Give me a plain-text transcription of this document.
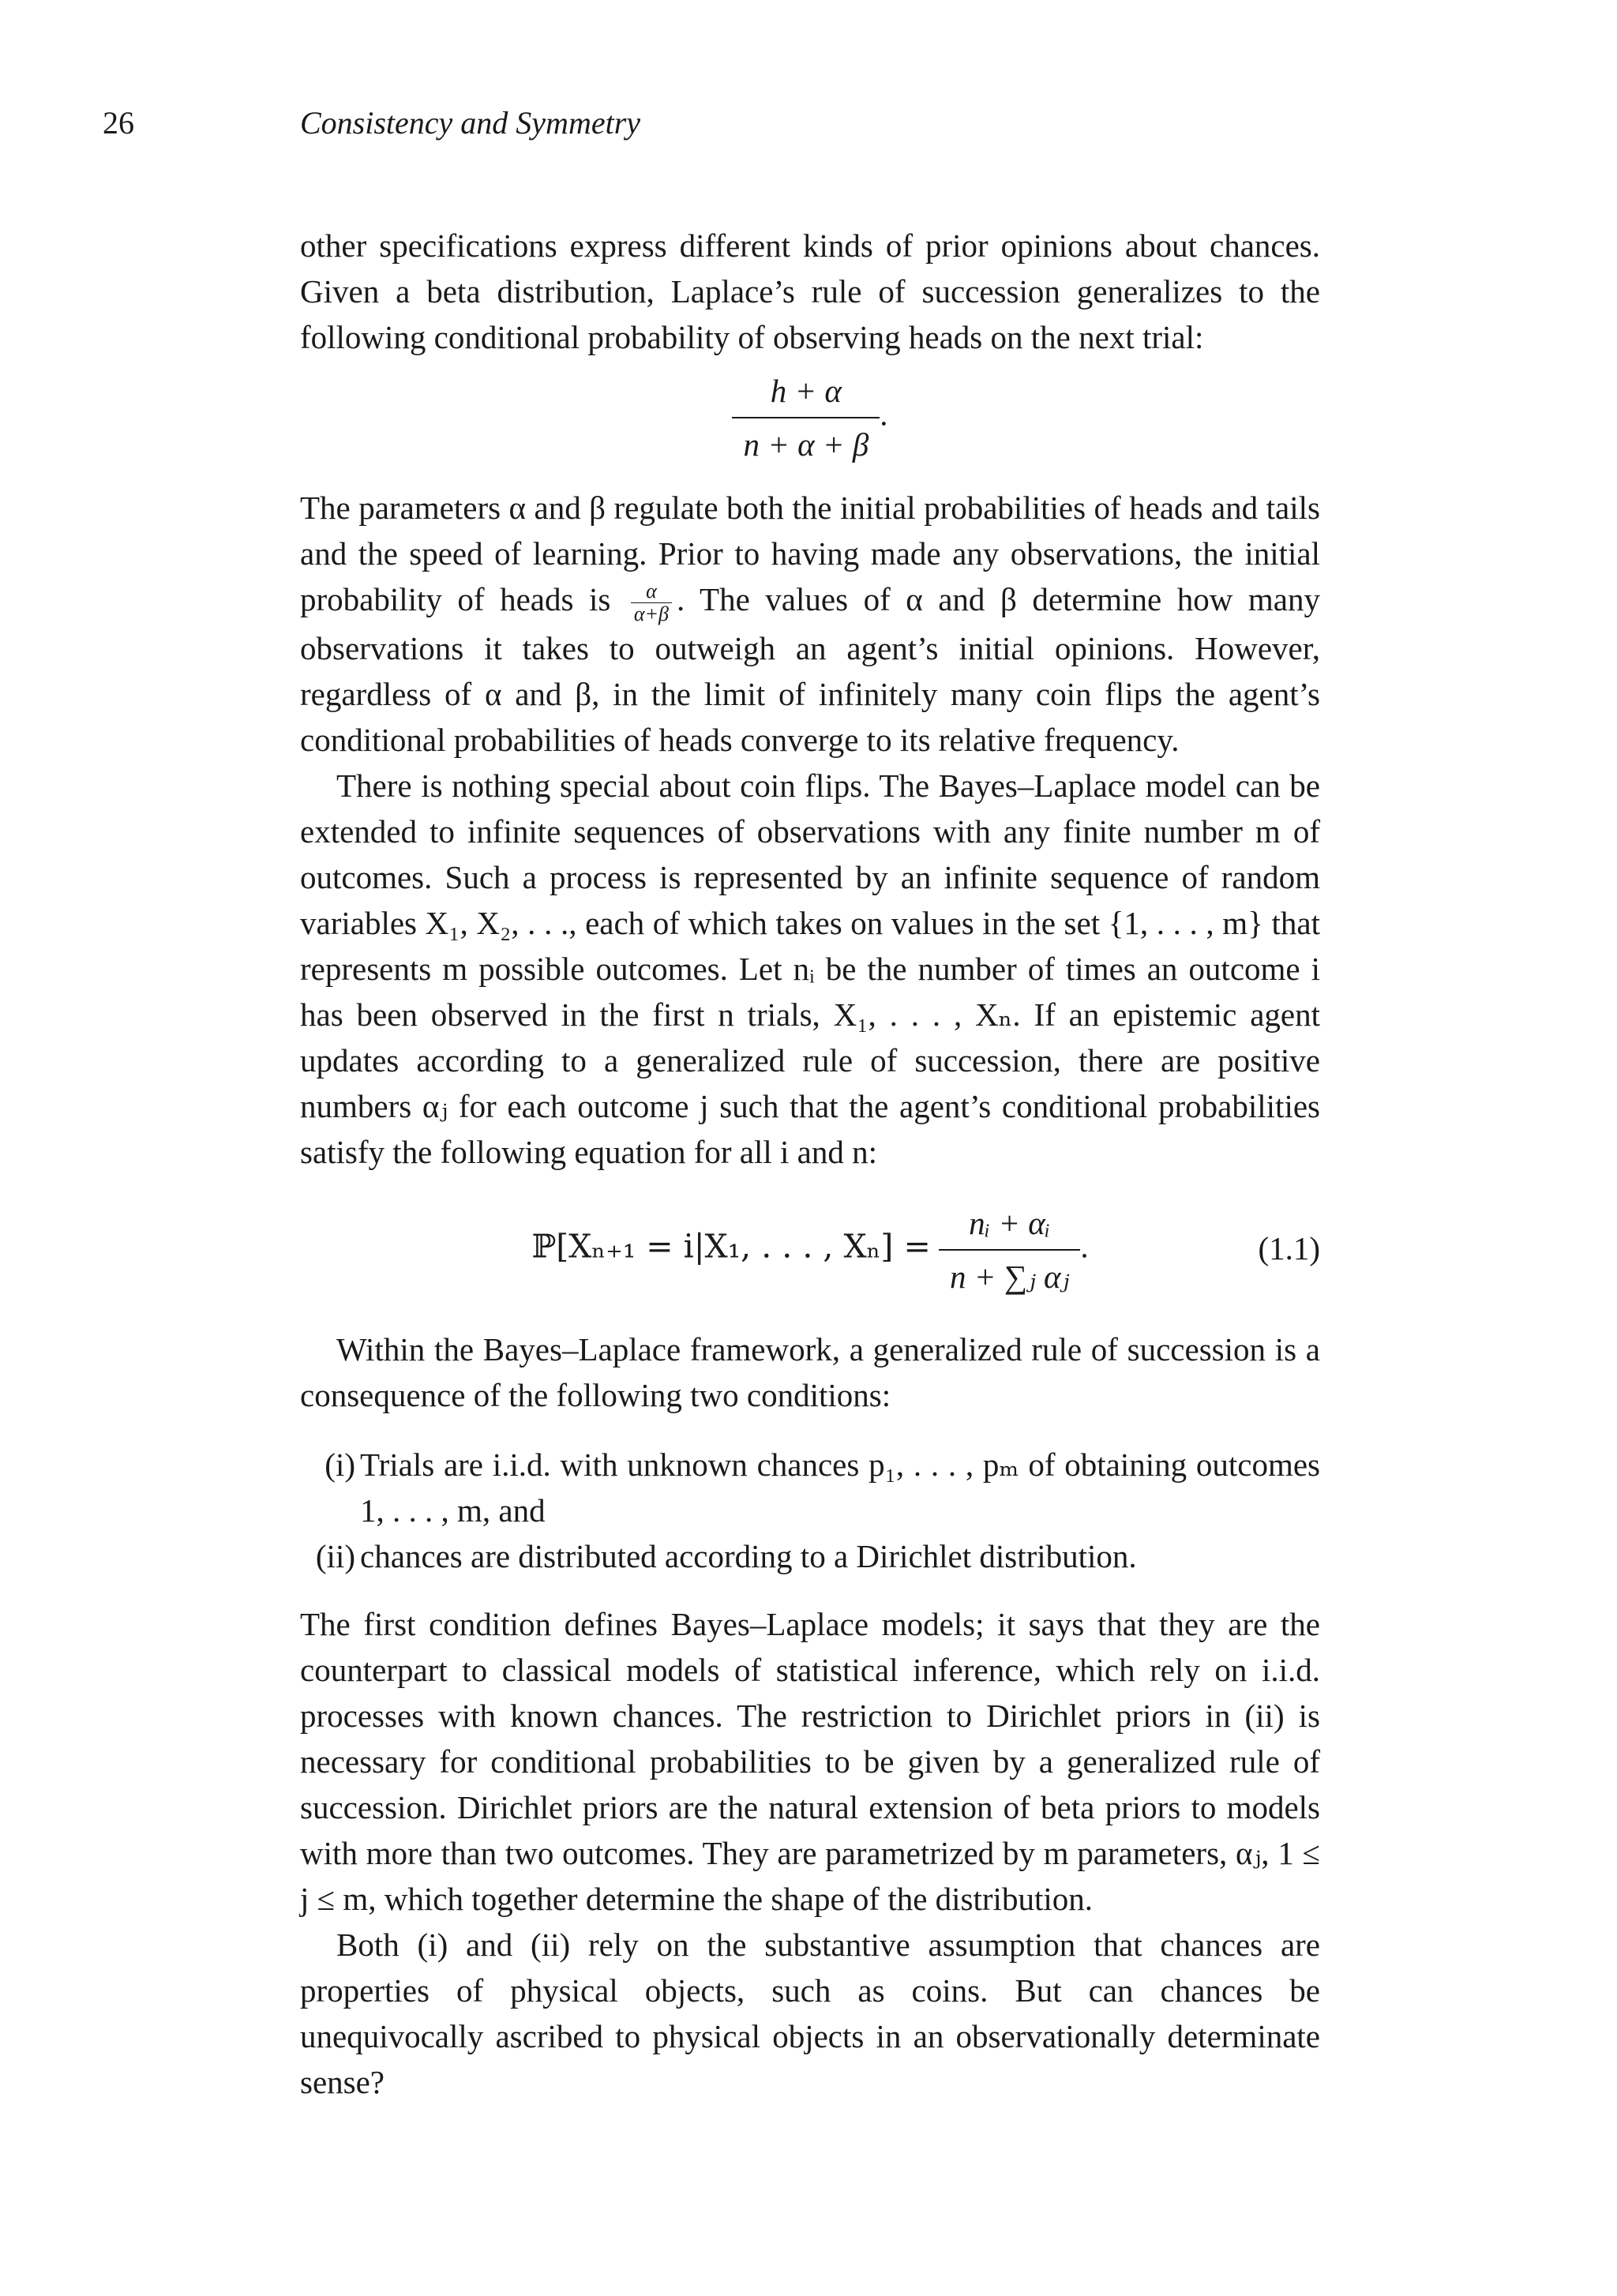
26	Consistency and Symmetry

other specifications express different kinds of prior opinions about chances. Given a beta distribution, Laplace’s rule of succession generalizes to the following conditional probability of observing heads on the next trial:

$\frac{h + \alpha}{n + \alpha + \beta}$ .

The parameters α and β regulate both the initial probabilities of heads and tails and the speed of learning. Prior to having made any observations, the initial probability of heads is $\frac{\alpha}{\alpha+\beta}$ . The values of α and β determine how many observations it takes to outweigh an agent’s initial opinions. However, regardless of α and β, in the limit of infinitely many coin flips the agent’s conditional probabilities of heads converge to its relative frequency.

There is nothing special about coin flips. The Bayes–Laplace model can be extended to infinite sequences of observations with any finite number m of outcomes. Such a process is represented by an infinite sequence of random variables X₁, X₂, . . ., each of which takes on values in the set {1, . . . , m} that represents m possible outcomes. Let nᵢ be the number of times an outcome i has been observed in the first n trials, X₁, . . . , Xₙ. If an epistemic agent updates according to a generalized rule of succession, there are positive numbers αⱼ for each outcome j such that the agent’s conditional probabilities satisfy the following equation for all i and n:

ℙ[Xₙ₊₁ = i|X₁, . . . , $X_n] = \frac{\text{nᵢ + αᵢ}}{\text{n + ∑ⱼ αⱼ}}$ .	(1.1)

Within the Bayes–Laplace framework, a generalized rule of succession is a consequence of the following two conditions:

(i) Trials are i.i.d. with unknown chances p₁, . . . , pₘ of obtaining outcomes 1, . . . , m, and
(ii) chances are distributed according to a Dirichlet distribution.

The first condition defines Bayes–Laplace models; it says that they are the counterpart to classical models of statistical inference, which rely on i.i.d. processes with known chances. The restriction to Dirichlet priors in (ii) is necessary for conditional probabilities to be given by a generalized rule of succession. Dirichlet priors are the natural extension of beta priors to models with more than two outcomes. They are parametrized by m parameters, αⱼ, 1 ≤ j ≤ m, which together determine the shape of the distribution.

Both (i) and (ii) rely on the substantive assumption that chances are properties of physical objects, such as coins. But can chances be unequivocally ascribed to physical objects in an observationally determinate sense?
